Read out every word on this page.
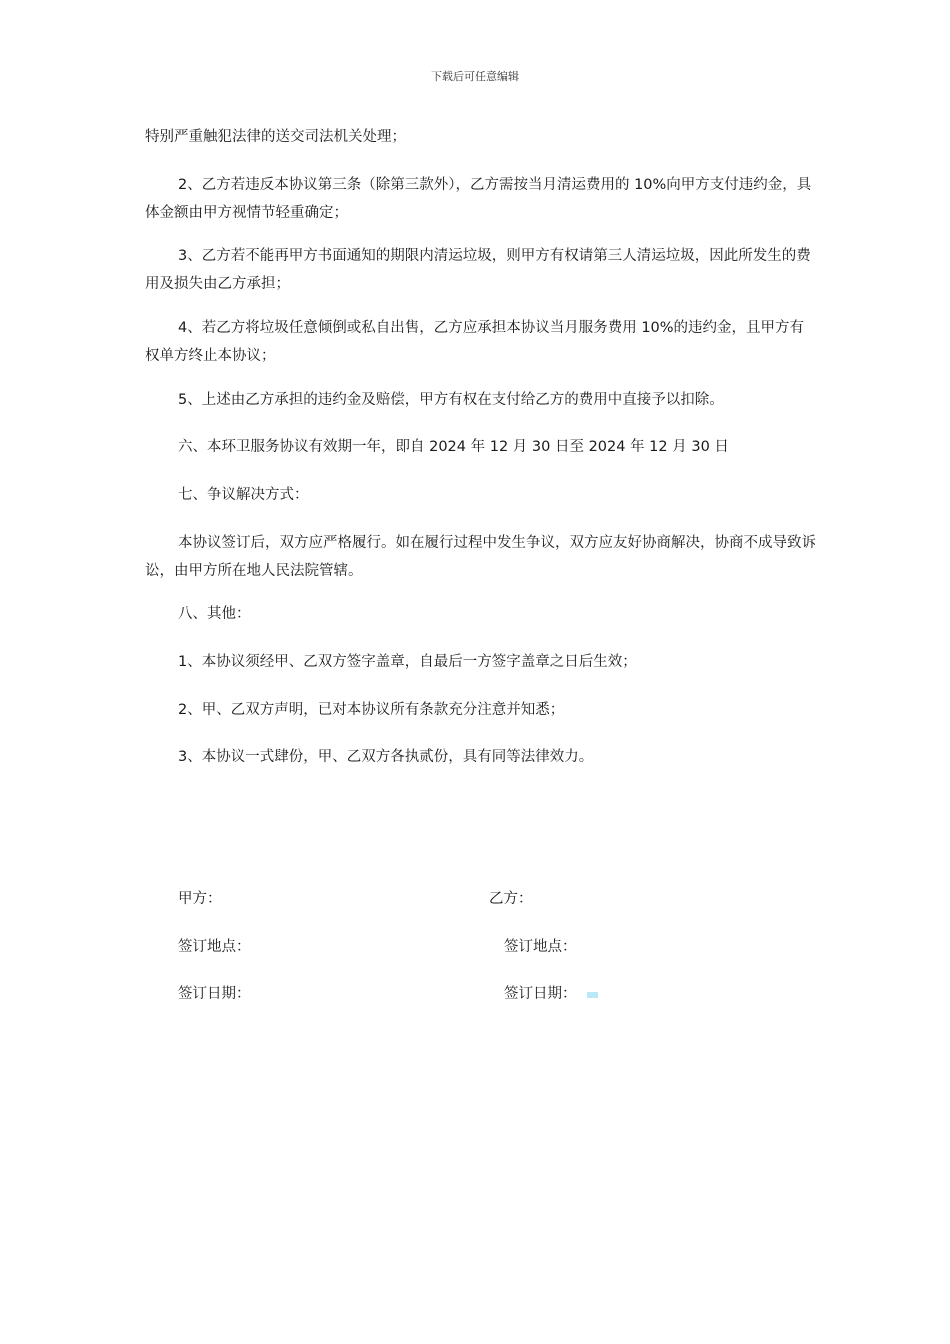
下载后可任意编辑

特别严重触犯法律的送交司法机关处理；

2、乙方若违反本协议第三条（除第三款外），乙方需按当月清运费用的 10%向甲方支付违约金，具体金额由甲方视情节轻重确定；

3、乙方若不能再甲方书面通知的期限内清运垃圾，则甲方有权请第三人清运垃圾，因此所发生的费用及损失由乙方承担；

4、若乙方将垃圾任意倾倒或私自出售，乙方应承担本协议当月服务费用 10%的违约金，且甲方有权单方终止本协议；

5、上述由乙方承担的违约金及赔偿，甲方有权在支付给乙方的费用中直接予以扣除。

六、本环卫服务协议有效期一年，即自 2024 年 12 月 30 日至 2024 年 12 月 30 日

七、争议解决方式：

本协议签订后，双方应严格履行。如在履行过程中发生争议，双方应友好协商解决，协商不成导致诉讼，由甲方所在地人民法院管辖。

八、其他：

1、本协议须经甲、乙双方签字盖章，自最后一方签字盖章之日后生效；

2、甲、乙双方声明，已对本协议所有条款充分注意并知悉；

3、本协议一式肆份，甲、乙双方各执贰份，具有同等法律效力。

甲方：	乙方：
签订地点：	签订地点：
签订日期：	签订日期：
